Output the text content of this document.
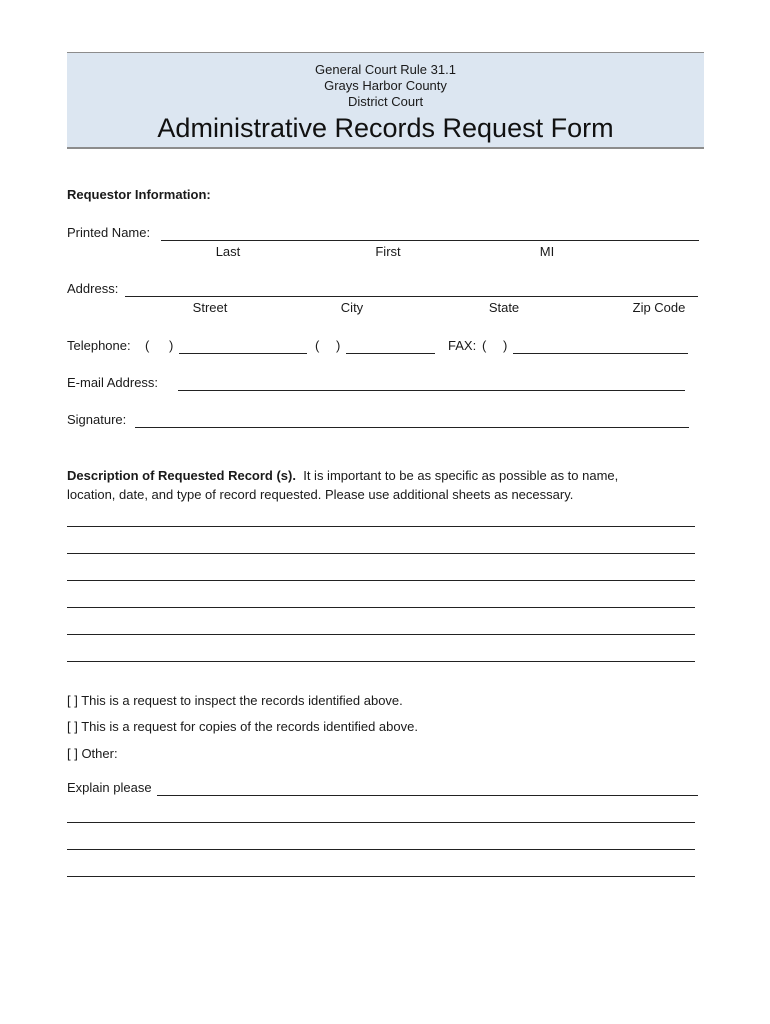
General Court Rule 31.1
Grays Harbor County
District Court
Administrative Records Request Form
Requestor Information:
Printed Name:
Last	First	MI
Address:
Street	City	State	Zip Code
Telephone: ( )	( )	FAX: ( )
E-mail Address:
Signature:
Description of Requested Record (s). It is important to be as specific as possible as to name,
location, date, and type of record requested. Please use additional sheets as necessary.
[ ] This is a request to inspect the records identified above.
[ ] This is a request for copies of the records identified above.
[ ] Other:
Explain please
